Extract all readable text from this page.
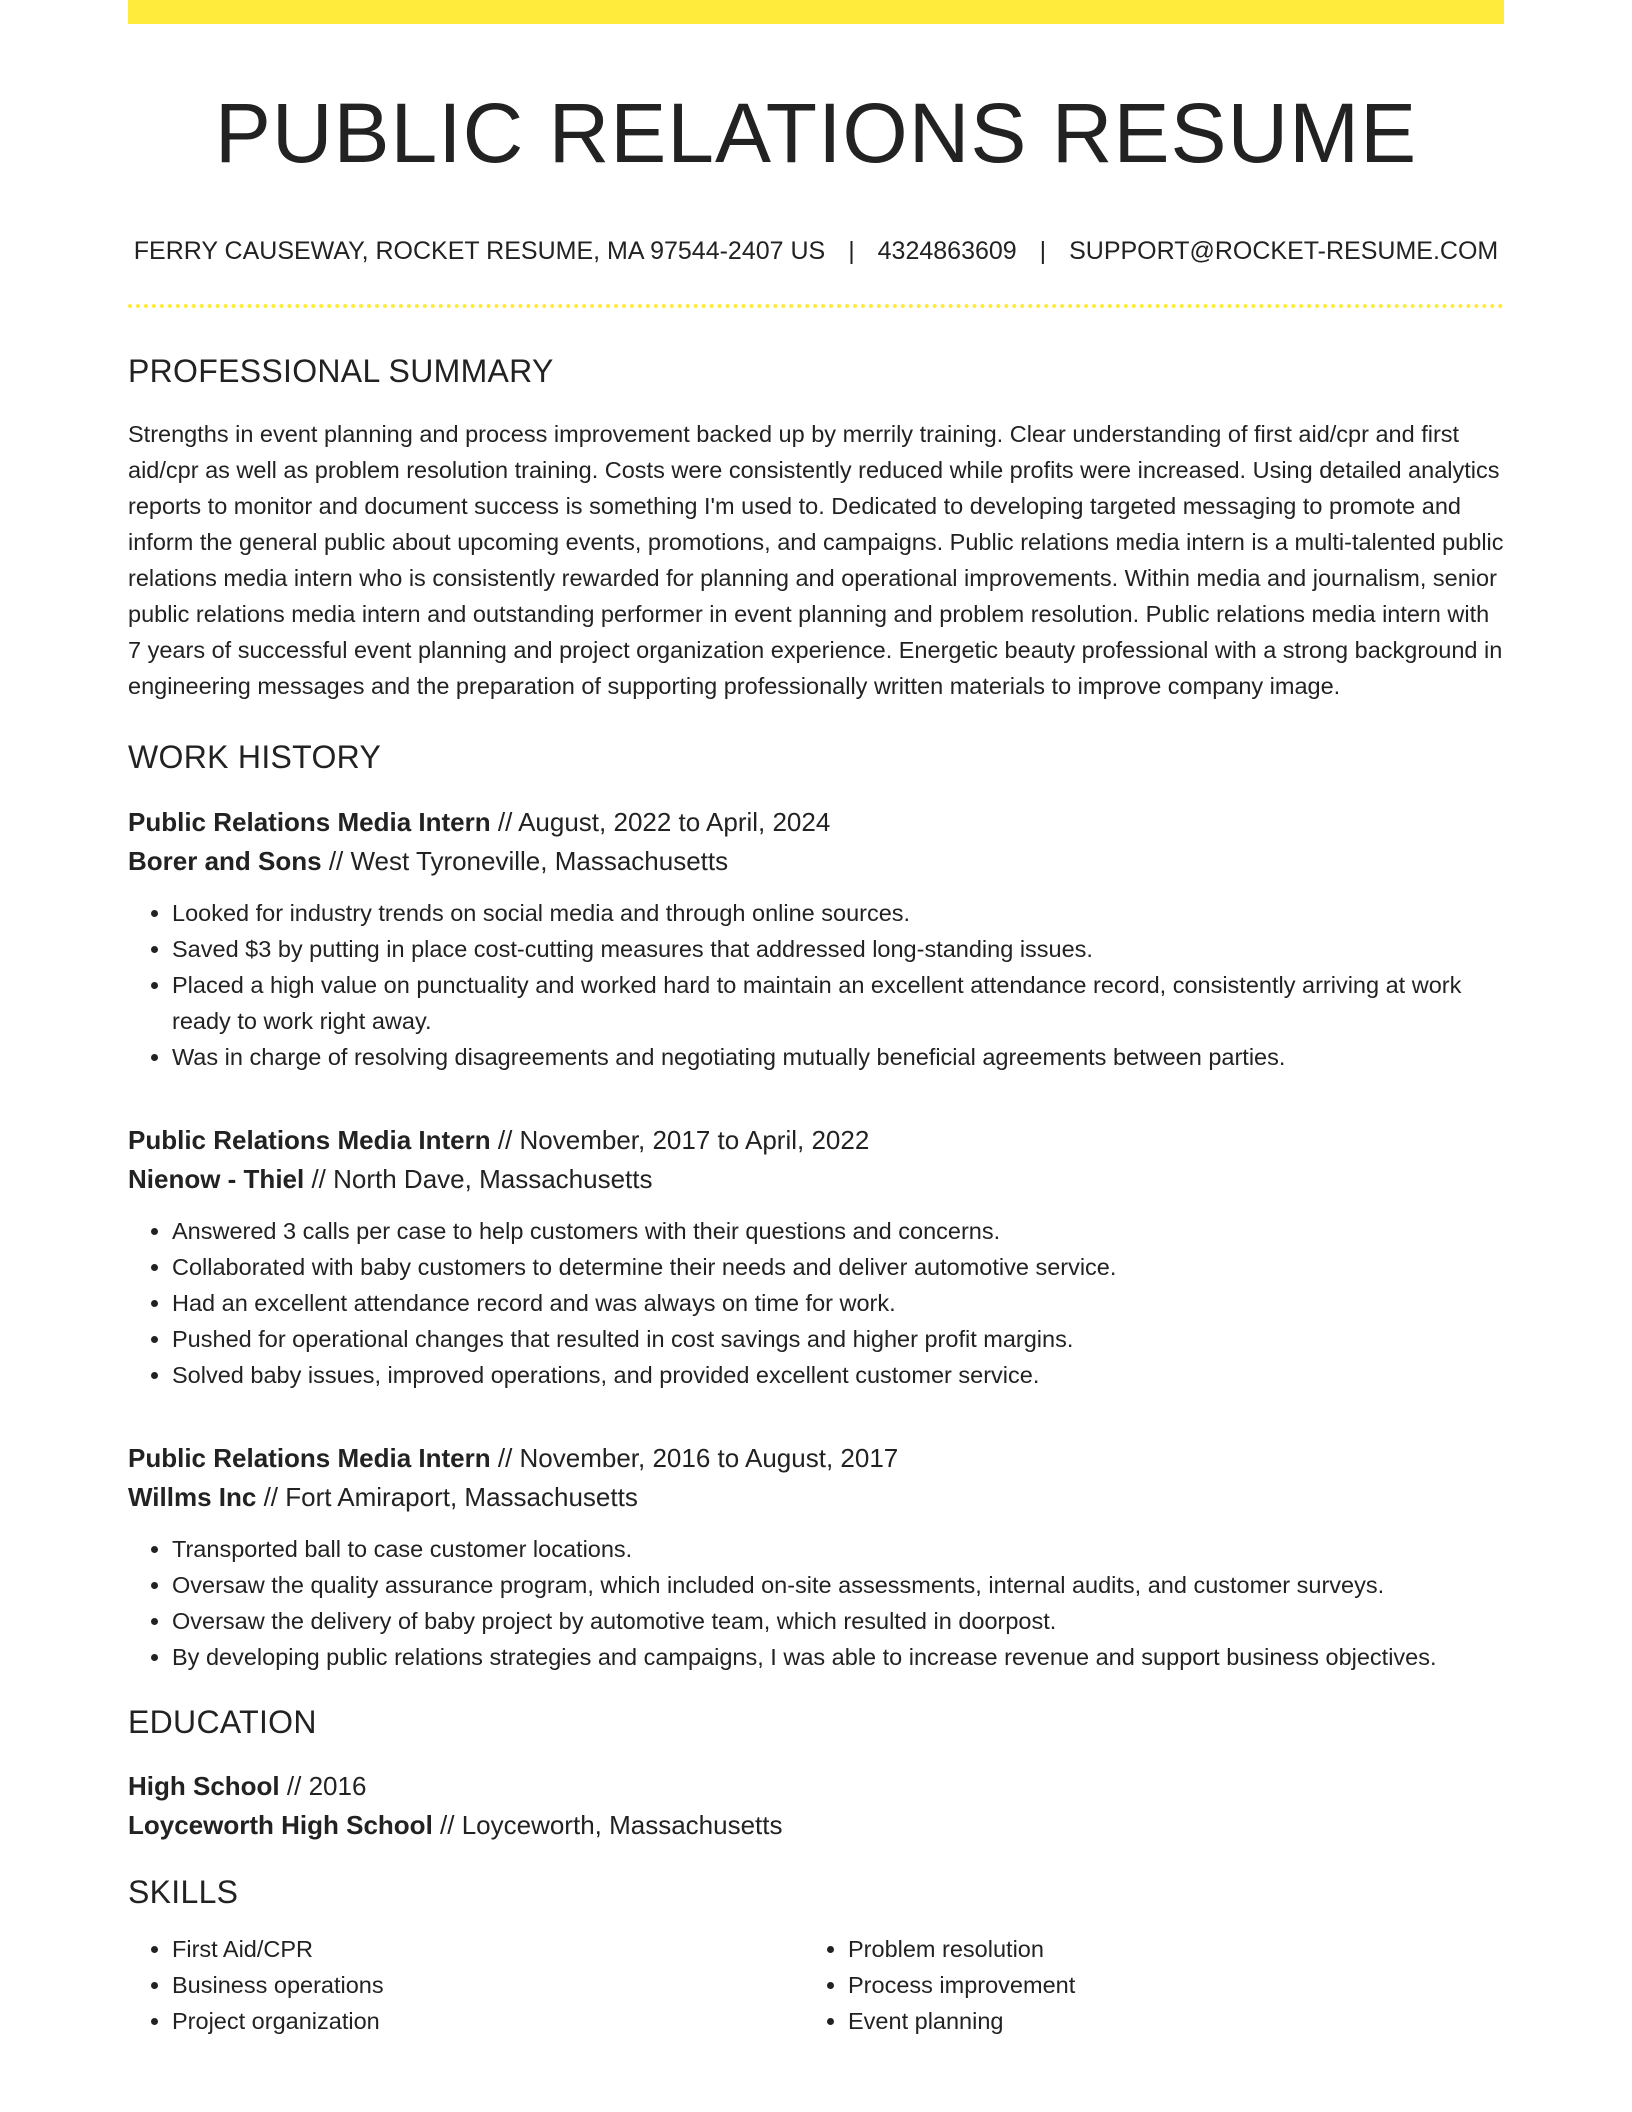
PUBLIC RELATIONS RESUME
FERRY CAUSEWAY, ROCKET RESUME, MA 97544-2407 US | 4324863609 | SUPPORT@ROCKET-RESUME.COM
PROFESSIONAL SUMMARY

Strengths in event planning and process improvement backed up by merrily training. Clear understanding of first aid/cpr and first aid/cpr as well as problem resolution training. Costs were consistently reduced while profits were increased. Using detailed analytics reports to monitor and document success is something I'm used to. Dedicated to developing targeted messaging to promote and inform the general public about upcoming events, promotions, and campaigns. Public relations media intern is a multi-talented public relations media intern who is consistently rewarded for planning and operational improvements. Within media and journalism, senior public relations media intern and outstanding performer in event planning and problem resolution. Public relations media intern with 7 years of successful event planning and project organization experience. Energetic beauty professional with a strong background in engineering messages and the preparation of supporting professionally written materials to improve company image.

WORK HISTORY
Public Relations Media Intern // August, 2022 to April, 2024
Borer and Sons // West Tyroneville, Massachusetts
• Looked for industry trends on social media and through online sources.
• Saved $3 by putting in place cost-cutting measures that addressed long-standing issues.
• Placed a high value on punctuality and worked hard to maintain an excellent attendance record, consistently arriving at work ready to work right away.
• Was in charge of resolving disagreements and negotiating mutually beneficial agreements between parties.
Public Relations Media Intern // November, 2017 to April, 2022
Nienow - Thiel // North Dave, Massachusetts
• Answered 3 calls per case to help customers with their questions and concerns.
• Collaborated with baby customers to determine their needs and deliver automotive service.
• Had an excellent attendance record and was always on time for work.
• Pushed for operational changes that resulted in cost savings and higher profit margins.
• Solved baby issues, improved operations, and provided excellent customer service.
Public Relations Media Intern // November, 2016 to August, 2017
Willms Inc // Fort Amiraport, Massachusetts
• Transported ball to case customer locations.
• Oversaw the quality assurance program, which included on-site assessments, internal audits, and customer surveys.
• Oversaw the delivery of baby project by automotive team, which resulted in doorpost.
• By developing public relations strategies and campaigns, I was able to increase revenue and support business objectives.
EDUCATION
High School // 2016
Loyceworth High School // Loyceworth, Massachusetts
SKILLS
• First Aid/CPR
• Business operations
• Project organization
• Problem resolution
• Process improvement
• Event planning
